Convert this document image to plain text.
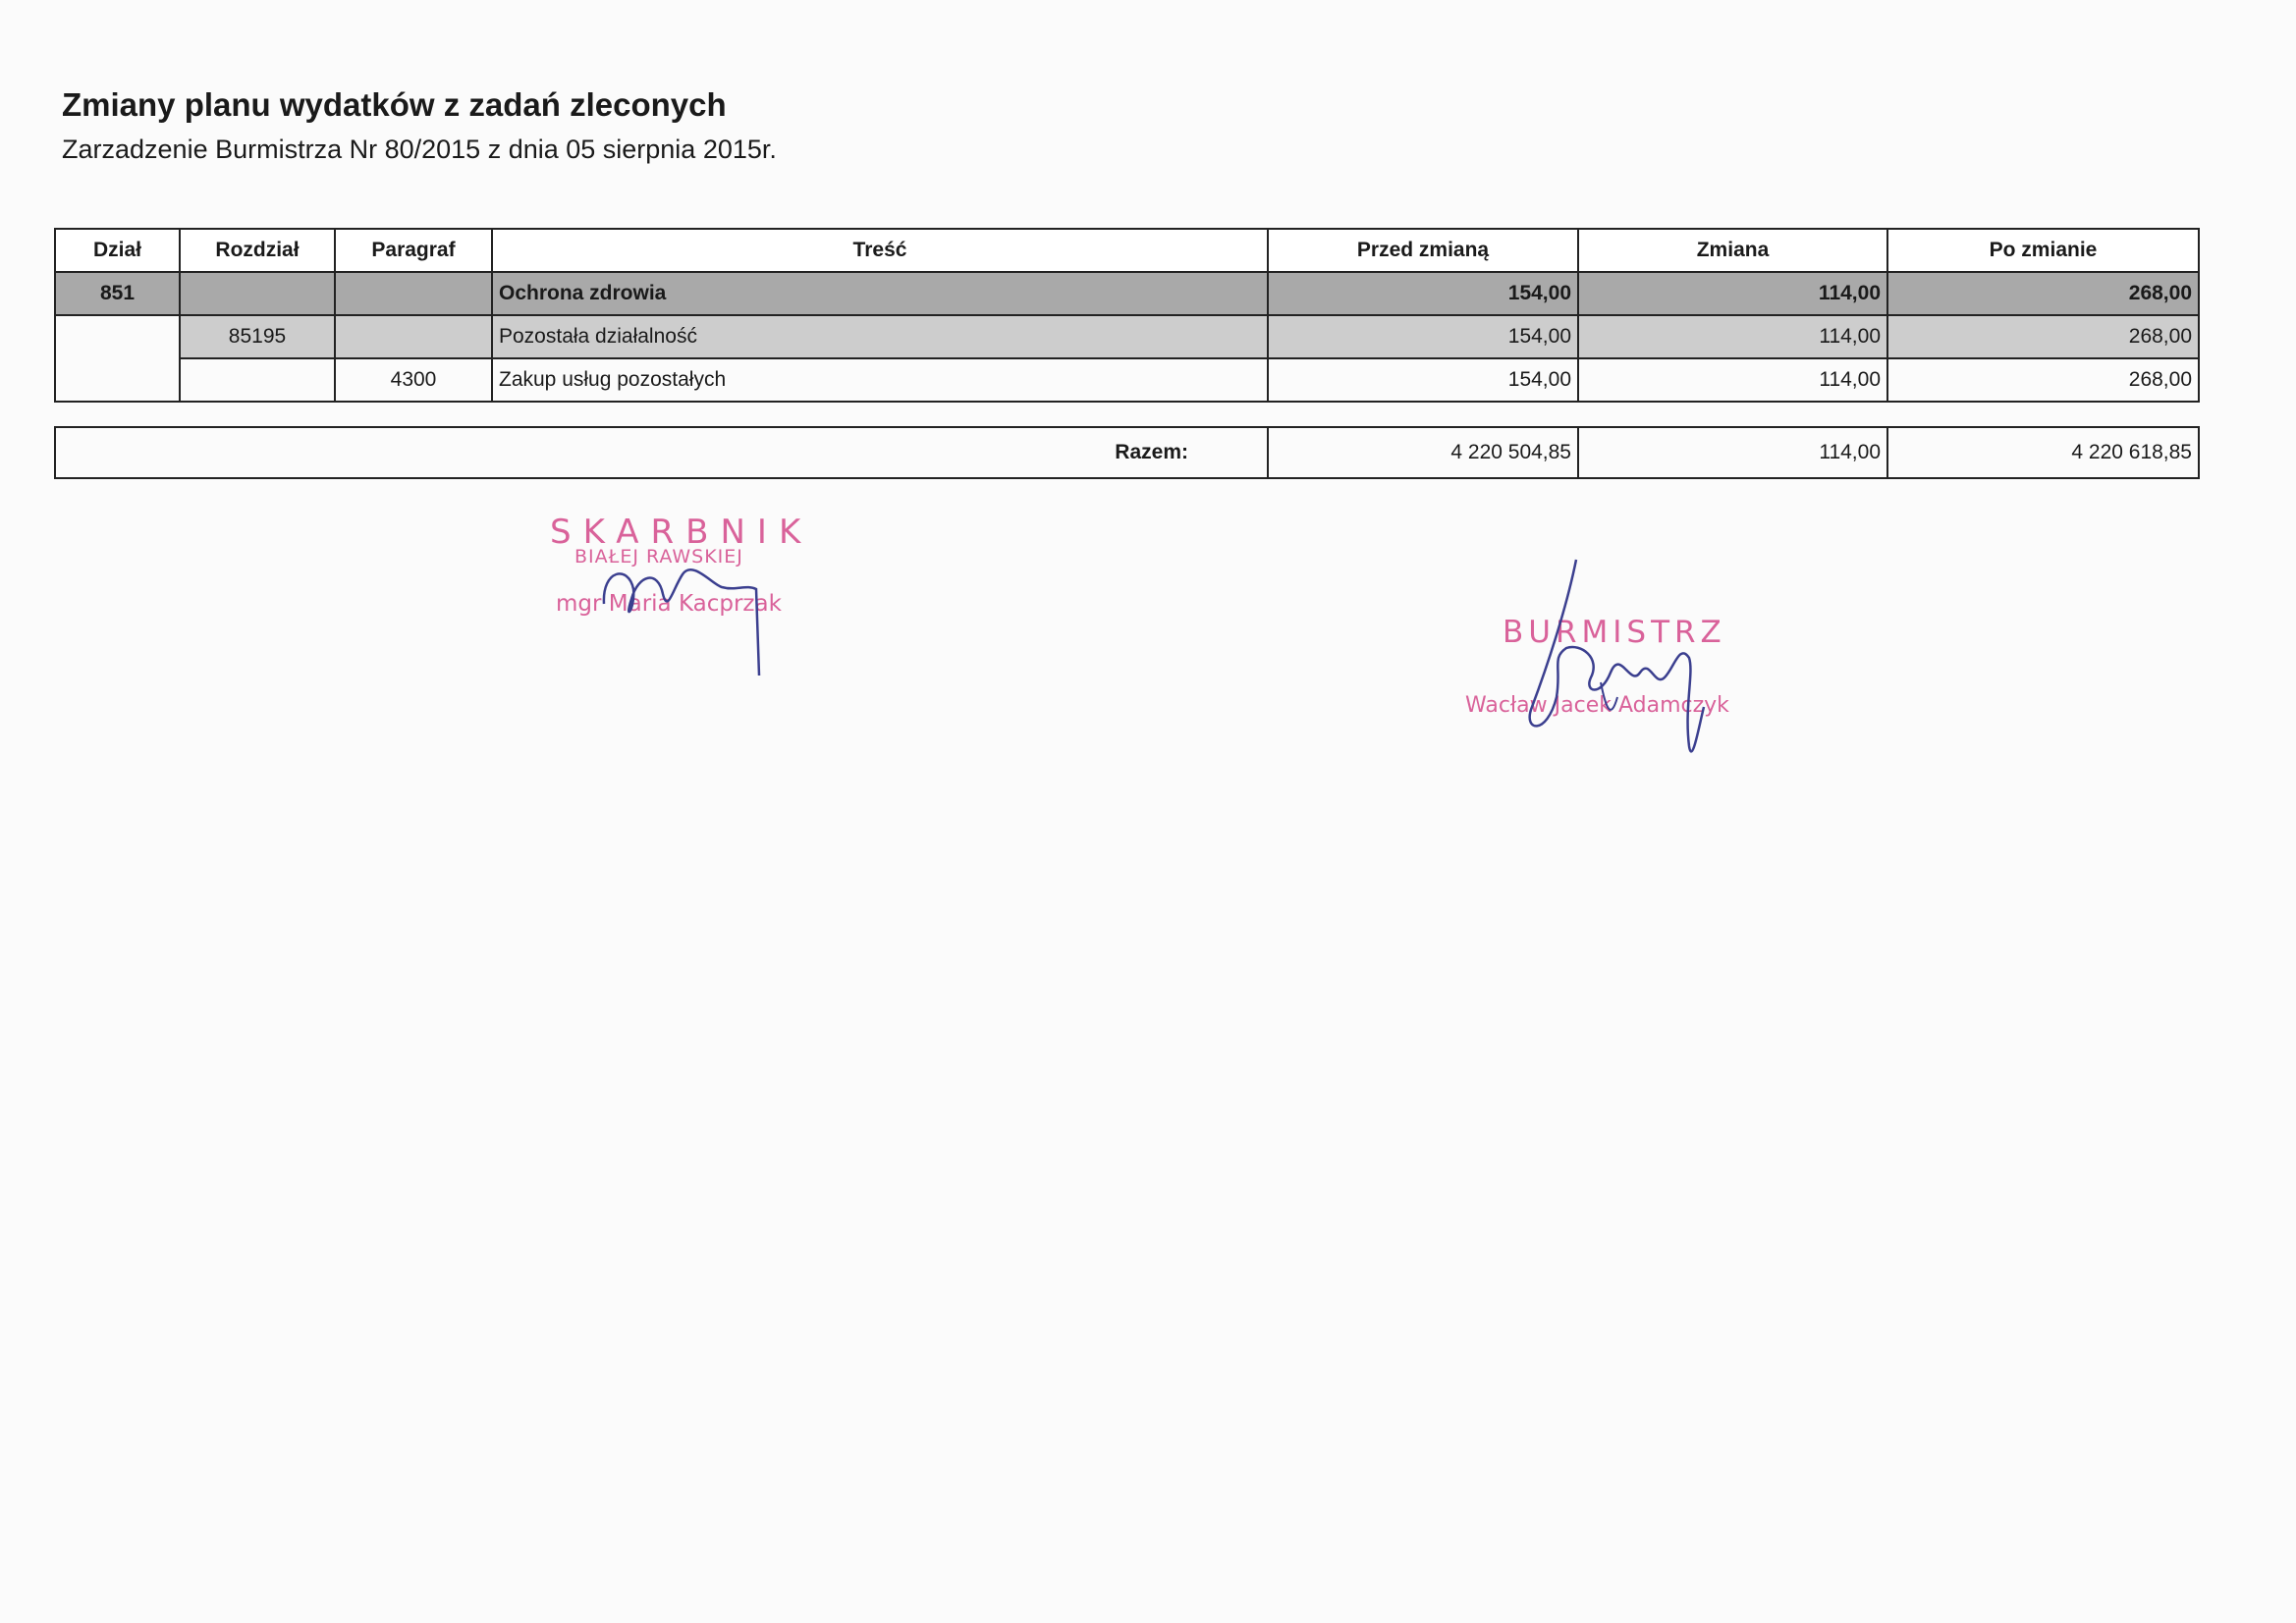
Zmiany planu wydatków z zadań zleconych
Zarzadzenie Burmistrza Nr 80/2015 z dnia 05 sierpnia 2015r.
Dział	Rozdział	Paragraf	Treść	Przed zmianą	Zmiana	Po zmianie
851			Ochrona zdrowia	154,00	114,00	268,00
	85195		Pozostała działalność	154,00	114,00	268,00
		4300	Zakup usług pozostałych	154,00	114,00	268,00
Razem:	4 220 504,85	114,00	4 220 618,85
SKARBNIK
BIAŁEJ RAWSKIEJ
mgr Maria Kacprzak
BURMISTRZ
Wacław Jacek Adamczyk
